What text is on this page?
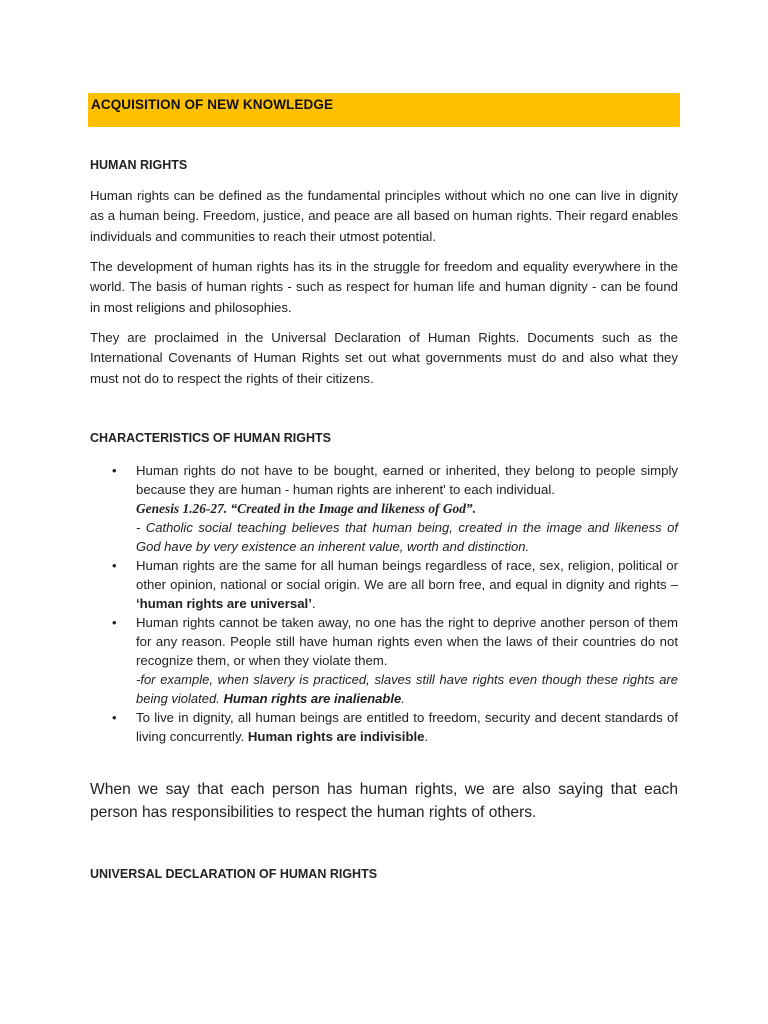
ACQUISITION OF NEW KNOWLEDGE
HUMAN RIGHTS

Human rights can be defined as the fundamental principles without which no one can live in dignity as a human being. Freedom, justice, and peace are all based on human rights. Their regard enables individuals and communities to reach their utmost potential.

The development of human rights has its in the struggle for freedom and equality everywhere in the world. The basis of human rights - such as respect for human life and human dignity - can be found in most religions and philosophies.

They are proclaimed in the Universal Declaration of Human Rights. Documents such as the International Covenants of Human Rights set out what governments must do and also what they must not do to respect the rights of their citizens.

CHARACTERISTICS OF HUMAN RIGHTS
• Human rights do not have to be bought, earned or inherited, they belong to people simply because they are human - human rights are inherent' to each individual.
Genesis 1.26-27. “Created in the Image and likeness of God”.
- Catholic social teaching believes that human being, created in the image and likeness of God have by very existence an inherent value, worth and distinction.
• Human rights are the same for all human beings regardless of race, sex, religion, political or other opinion, national or social origin. We are all born free, and equal in dignity and rights – ‘human rights are universal’.
• Human rights cannot be taken away, no one has the right to deprive another person of them for any reason. People still have human rights even when the laws of their countries do not recognize them, or when they violate them.
-for example, when slavery is practiced, slaves still have rights even though these rights are being violated. Human rights are inalienable.
• To live in dignity, all human beings are entitled to freedom, security and decent standards of living concurrently. Human rights are indivisible.

When we say that each person has human rights, we are also saying that each person has responsibilities to respect the human rights of others.

UNIVERSAL DECLARATION OF HUMAN RIGHTS
